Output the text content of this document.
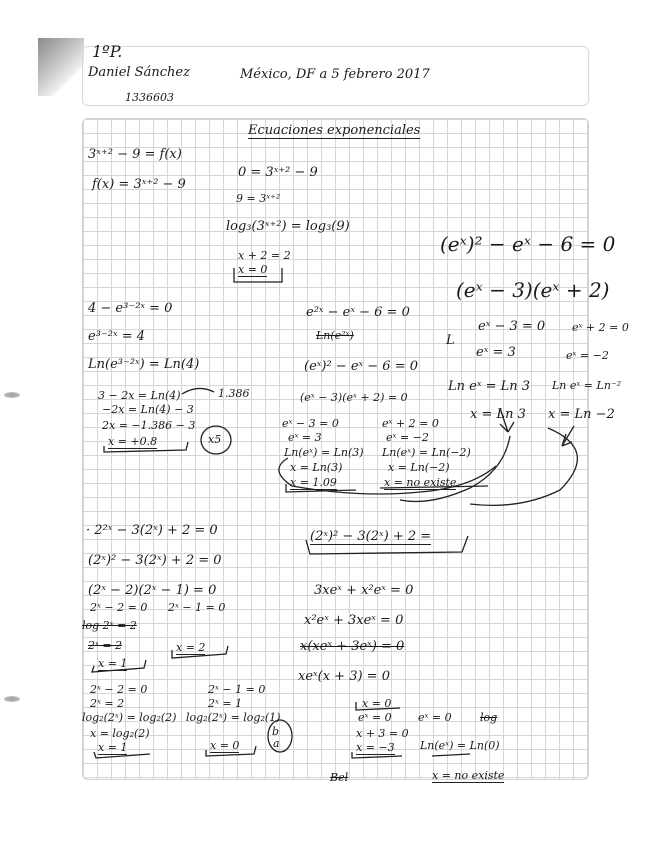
1ºP.
Daniel Sánchez
1336603
México, DF a 5 febrero 2017
Ecuaciones exponenciales
3ˣ⁺² − 9 = f(x)
f(x) = 3ˣ⁺² − 9
0 = 3ˣ⁺² − 9
9 = 3ˣ⁺²
log₃(3ˣ⁺²) = log₃(9)
x + 2 = 2
x = 0
(eˣ)² − eˣ − 6 = 0
(eˣ − 3)(eˣ + 2)
L
eˣ − 3 = 0 eˣ + 2 = 0
eˣ = 3	eˣ = −2
Ln eˣ = Ln 3 Ln eˣ = Ln⁻²
x = Ln 3 x = Ln −2
4 − e³⁻²ˣ = 0
e³⁻²ˣ = 4
Ln(e³⁻²ˣ) = Ln(4)
3 − 2x = Ln(4)	1.386
−2x = Ln(4) − 3
2x = −1.386 − 3
x = +0.8	x5
e²ˣ − eˣ − 6 = 0
Ln(e²ˣ)
(eˣ)² − eˣ − 6 = 0
(eˣ − 3)(eˣ + 2) = 0
eˣ − 3 = 0	eˣ + 2 = 0
eˣ = 3	eˣ = −2
Ln(eˣ) = Ln(3) Ln(eˣ) = Ln(−2)
x = Ln(3)	x = Ln(−2)
x = 1.09	x = no existe
· 2²ˣ − 3(2ˣ) + 2 = 0
(2ˣ)² − 3(2ˣ) + 2 = 0
(2ˣ − 2)(2ˣ − 1) = 0
2ˣ − 2 = 0 2ˣ − 1 = 0
log 2ˣ = 2
2ˣ = 2
x = 1
x = 2
(2ˣ)² − 3(2ˣ) + 2 =
2ˣ − 2 = 0
2ˣ = 2
log₂(2ˣ) = log₂(2)
x = log₂(2)
x = 1
2ˣ − 1 = 0
2ˣ = 1
log₂(2ˣ) = log₂(1)
x = 0
b
a
3xeˣ + x²eˣ = 0
x²eˣ + 3xeˣ = 0
x(xeˣ + 3eˣ) = 0
xeˣ(x + 3) = 0
x = 0
eˣ = 0
x + 3 = 0
x = −3
eˣ = 0	log
Ln(eˣ) = Ln(0)
x = no existe
Bel
